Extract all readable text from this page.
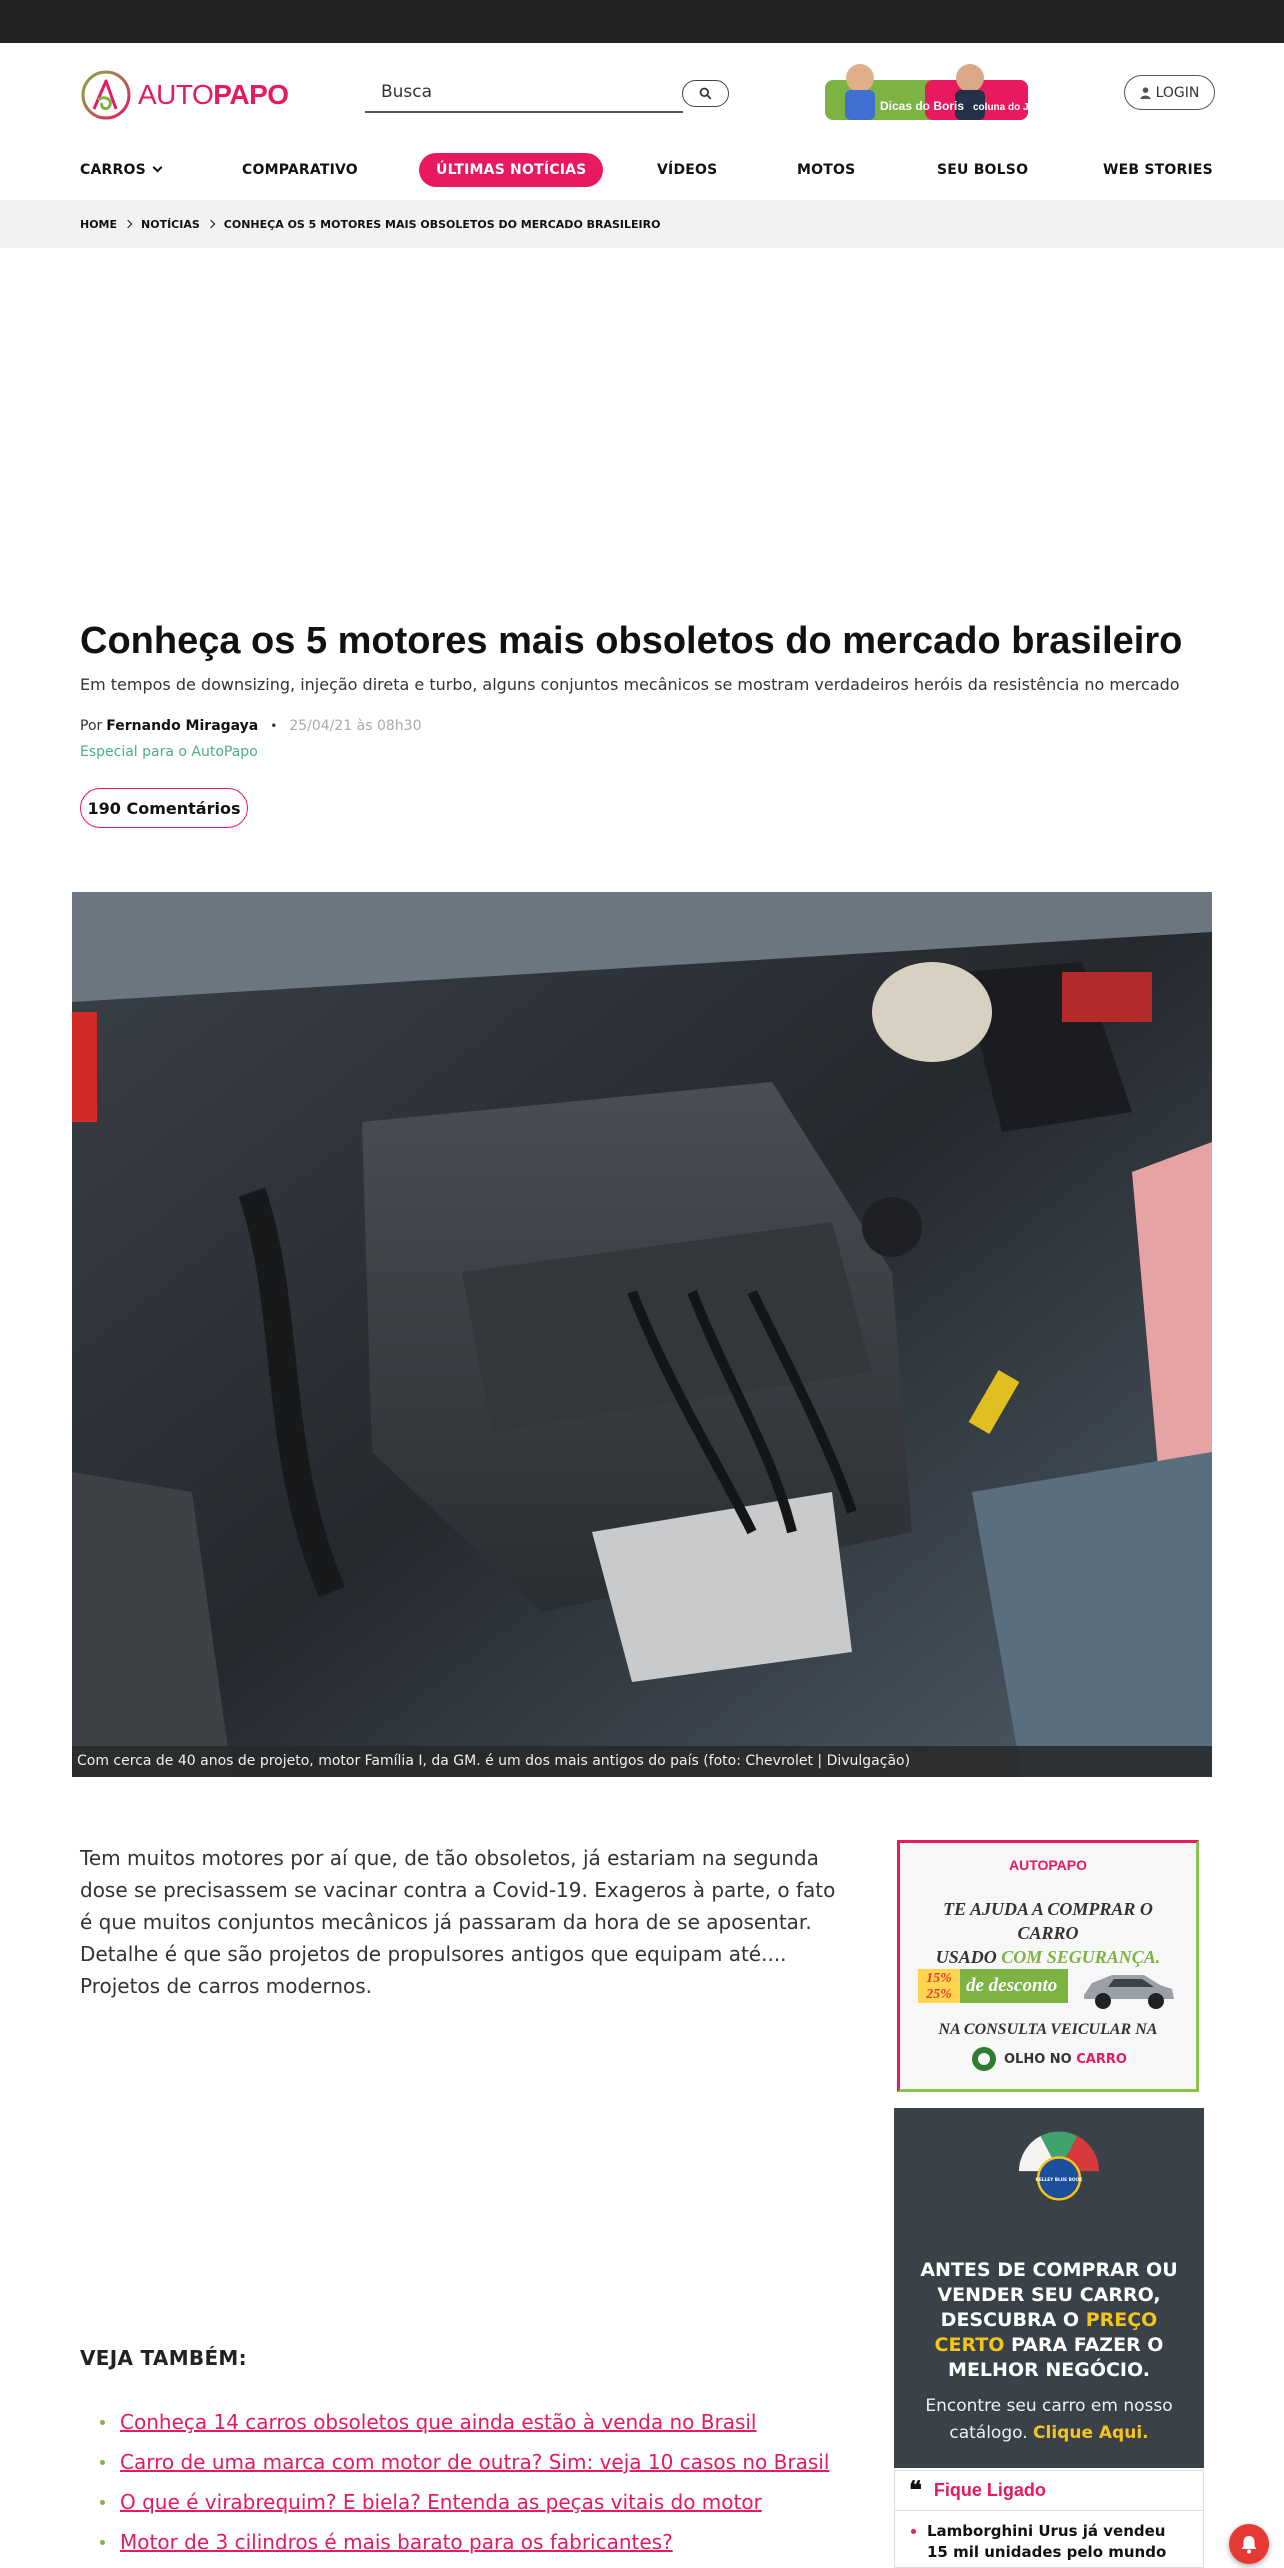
AUTOPAPO
Busca	Dicas do Boris coluna do Jeremy
LOGIN
CARROS	COMPARATIVO	ÚLTIMAS NOTÍCIAS	VÍDEOS	MOTOS	SEU BOLSO	WEB STORIES
HOME NOTÍCIAS CONHEÇA OS 5 MOTORES MAIS OBSOLETOS DO MERCADO BRASILEIRO
Conheça os 5 motores mais obsoletos do mercado brasileiro

Em tempos de downsizing, injeção direta e turbo, alguns conjuntos mecânicos se mostram verdadeiros heróis da resistência no mercado

Por Fernando Miragaya • 25/04/21 às 08h30
Especial para o AutoPapo
190 Comentários
Com cerca de 40 anos de projeto, motor Família I, da GM. é um dos mais antigos do país (foto: Chevrolet | Divulgação)

Tem muitos motores por aí que, de tão obsoletos, já estariam na segunda dose se precisassem se vacinar contra a Covid-19. Exageros à parte, o fato é que muitos conjuntos mecânicos já passaram da hora de se aposentar. Detalhe é que são projetos de propulsores antigos que equipam até.... Projetos de carros modernos.

VEJA TAMBÉM:
Conheça 14 carros obsoletos que ainda estão à venda no Brasil
Carro de uma marca com motor de outra? Sim: veja 10 casos no Brasil
O que é virabrequim? E biela? Entenda as peças vitais do motor
Motor de 3 cilindros é mais barato para os fabricantes?
AUTOPAPO
TE AJUDA A COMPRAR O CARRO
USADO COM SEGURANÇA.
de desconto
15%
25%
NA CONSULTA VEICULAR NA
OLHO NO CARRO
KELLEY BLUE BOOK
ANTES DE COMPRAR OU
VENDER SEU CARRO,
DESCUBRA O PREÇO
CERTO PARA FAZER O
MELHOR NEGÓCIO.
Encontre seu carro em nosso
catálogo. Clique Aqui.
❝ Fique Ligado
Lamborghini Urus já vendeu 15 mil unidades pelo mundo
